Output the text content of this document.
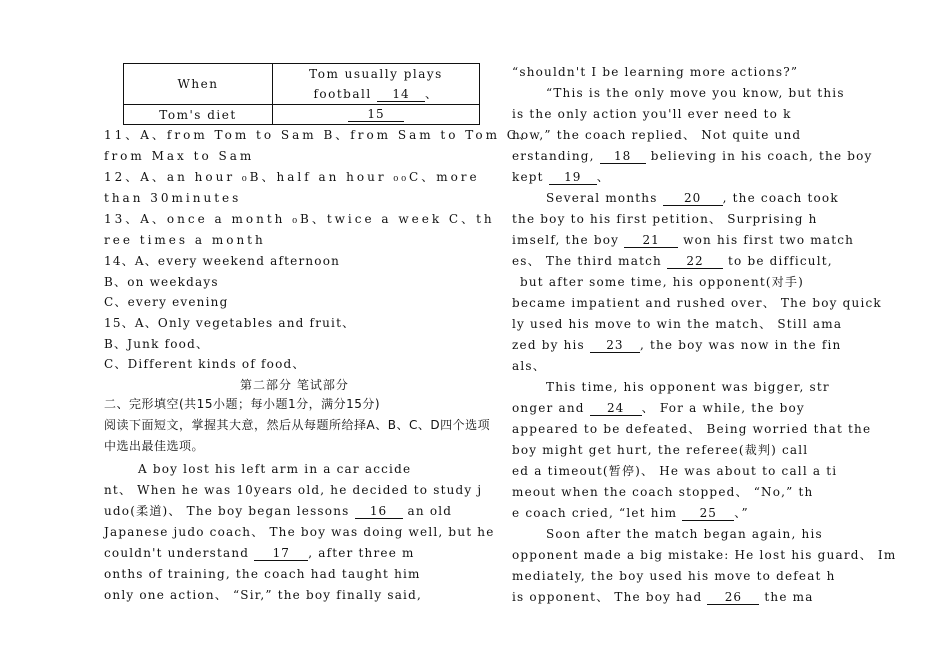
When	Tom usually plays
football 14 、

Tom's diet	15
11、A、from Tom to Sam B、from Sam to Tom C、
from Max to Sam
12、A、an hour ₀B、half an hour ₀₀C、more
than 30minutes
13、A、once a month ₀B、twice a week C、th
ree times a month
14、A、every weekend afternoon
B、on weekdays
C、every evening
15、A、Only vegetables and fruit、
B、Junk food、
C、Different kinds of food、
二、完形填空(共15小题；每小题1分，满分15分)
阅读下面短文，掌握其大意，然后从每题所给择A、B、C、D四个选项
中选出最佳选项。
A boy lost his left arm in a car accide
nt、 When he was 10years old, he decided to study j
udo(柔道)、 The boy began lessons 16 an old
Japanese judo coach、 The boy was doing well, but he
couldn't understand 17 , after three m
onths of training, the coach had taught him
only one action、 “Sir,” the boy finally said,
第二部分 笔试部分
“shouldn't I be learning more actions?”
“This is the only move you know, but this
is the only action you'll ever need to k
now,” the coach replied、 Not quite und
erstanding, 18 believing in his coach, the boy
kept 19 、
Several months 20 , the coach took
the boy to his first petition、 Surprising h
imself, the boy 21 won his first two match
es、 The third match 22 to be difficult,
but after some time, his opponent(对手)
became impatient and rushed over、 The boy quick
ly used his move to win the match、 Still ama
zed by his 23 , the boy was now in the fin
als、
This time, his opponent was bigger, str
onger and 24 、 For a while, the boy
appeared to be defeated、 Being worried that the
boy might get hurt, the referee(裁判) call
ed a timeout(暂停)、 He was about to call a ti
meout when the coach stopped、 “No,” th
e coach cried, “let him 25 、”
Soon after the match began again, his
opponent made a big mistake: He lost his guard、 Im
mediately, the boy used his move to defeat h
is opponent、 The boy had 26 the ma
